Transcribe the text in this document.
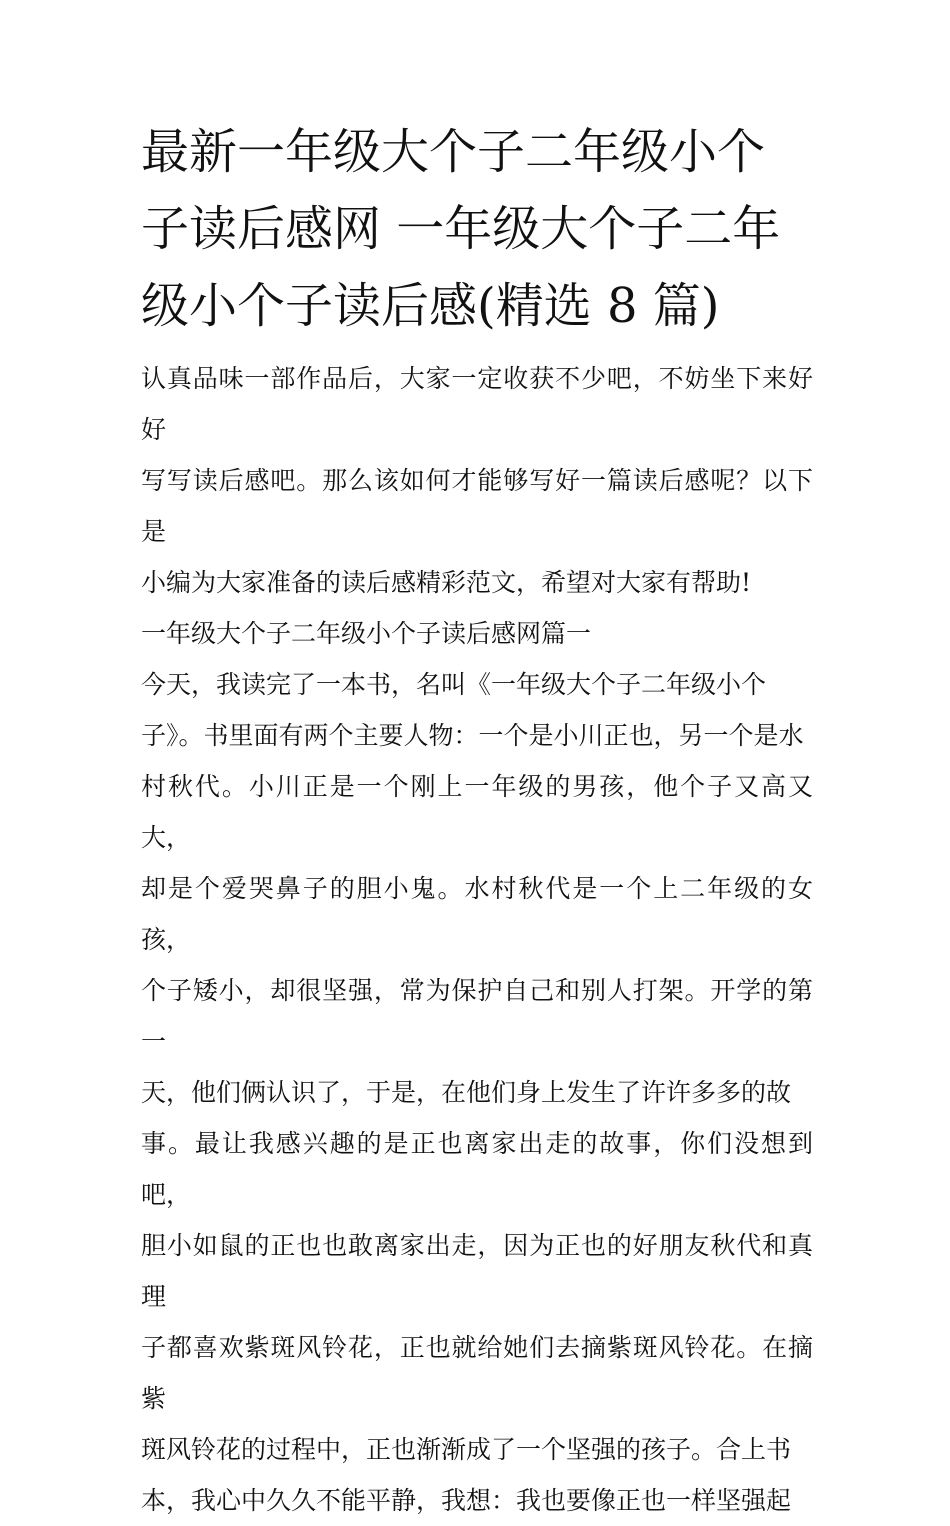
最新一年级大个子二年级小个
子读后感网 一年级大个子二年
级小个子读后感(精选 8 篇)

认真品味一部作品后，大家一定收获不少吧，不妨坐下来好好

写写读后感吧。那么该如何才能够写好一篇读后感呢？以下是

小编为大家准备的读后感精彩范文，希望对大家有帮助!

一年级大个子二年级小个子读后感网篇一

今天，我读完了一本书，名叫《一年级大个子二年级小个

子》。书里面有两个主要人物：一个是小川正也，另一个是水

村秋代。小川正是一个刚上一年级的男孩，他个子又高又大，

却是个爱哭鼻子的胆小鬼。水村秋代是一个上二年级的女孩，

个子矮小，却很坚强，常为保护自己和别人打架。开学的第一

天，他们俩认识了，于是，在他们身上发生了许许多多的故

事。最让我感兴趣的是正也离家出走的故事，你们没想到吧，

胆小如鼠的正也也敢离家出走，因为正也的好朋友秋代和真理

子都喜欢紫斑风铃花，正也就给她们去摘紫斑风铃花。在摘紫

斑风铃花的过程中，正也渐渐成了一个坚强的孩子。合上书

本，我心中久久不能平静，我想：我也要像正也一样坚强起
